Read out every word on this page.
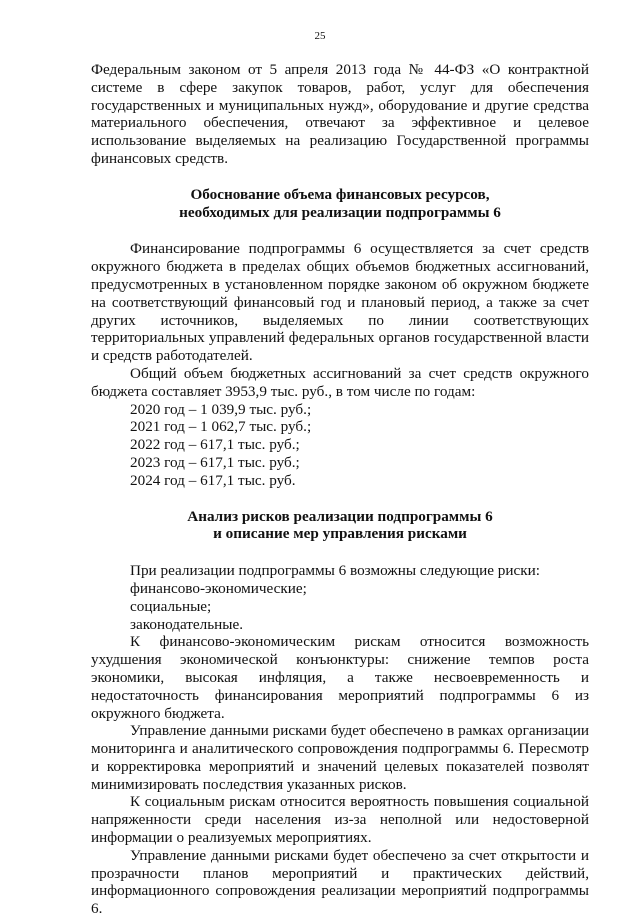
25

Федеральным законом от 5 апреля 2013 года № 44-ФЗ «О контрактной системе в сфере закупок товаров, работ, услуг для обеспечения государственных и муниципальных нужд», оборудование и другие средства материального обеспечения, отвечают за эффективное и целевое использование выделяемых на реализацию Государственной программы финансовых средств.

Обоснование объема финансовых ресурсов,
необходимых для реализации подпрограммы 6

Финансирование подпрограммы 6 осуществляется за счет средств окружного бюджета в пределах общих объемов бюджетных ассигнований, предусмотренных в установленном порядке законом об окружном бюджете на соответствующий финансовый год и плановый период, а также за счет других источников, выделяемых по линии соответствующих территориальных управлений федеральных органов государственной власти и средств работодателей.

Общий объем бюджетных ассигнований за счет средств окружного бюджета составляет 3953,9 тыс. руб., в том числе по годам:

2020 год – 1 039,9 тыс. руб.;

2021 год – 1 062,7 тыс. руб.;

2022 год – 617,1 тыс. руб.;

2023 год – 617,1 тыс. руб.;

2024 год – 617,1 тыс. руб.

Анализ рисков реализации подпрограммы 6
и описание мер управления рисками

При реализации подпрограммы 6 возможны следующие риски:

финансово-экономические;

социальные;

законодательные.

К финансово-экономическим рискам относится возможность ухудшения экономической конъюнктуры: снижение темпов роста экономики, высокая инфляция, а также несвоевременность и недостаточность финансирования мероприятий подпрограммы 6 из окружного бюджета.

Управление данными рисками будет обеспечено в рамках организации мониторинга и аналитического сопровождения подпрограммы 6. Пересмотр и корректировка мероприятий и значений целевых показателей позволят минимизировать последствия указанных рисков.

К социальным рискам относится вероятность повышения социальной напряженности среди населения из-за неполной или недостоверной информации о реализуемых мероприятиях.

Управление данными рисками будет обеспечено за счет открытости и прозрачности планов мероприятий и практических действий, информационного сопровождения реализации мероприятий подпрограммы 6.
